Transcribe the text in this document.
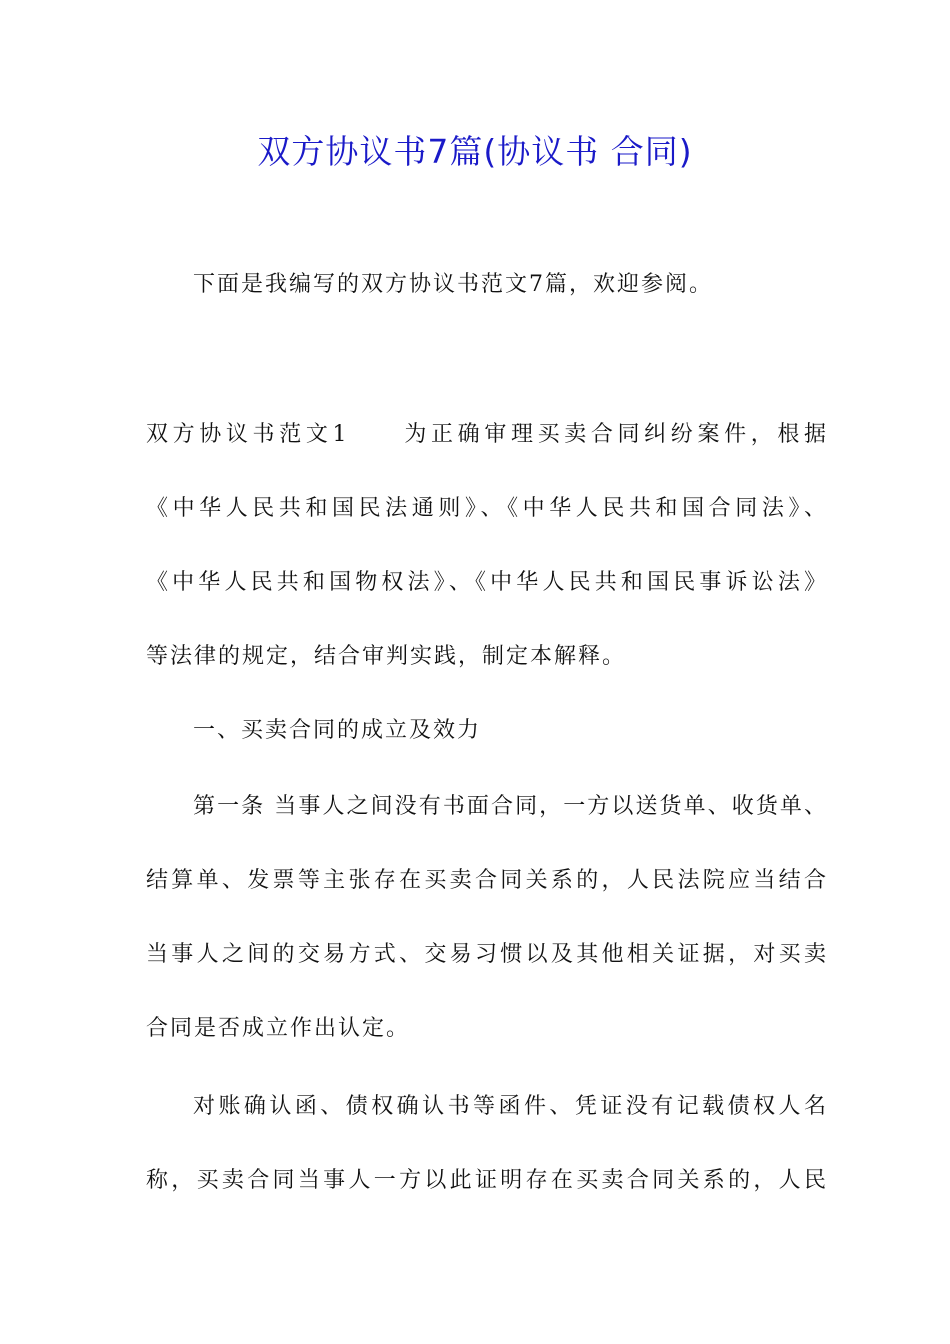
双方协议书7篇(协议书 合同)
下面是我编写的双方协议书范文7篇，欢迎参阅。
双方协议书范文1　　为正确审理买卖合同纠纷案件，根据
《中华人民共和国民法通则》、《中华人民共和国合同法》、
《中华人民共和国物权法》、《中华人民共和国民事诉讼法》
等法律的规定，结合审判实践，制定本解释。
一、买卖合同的成立及效力
第一条 当事人之间没有书面合同，一方以送货单、收货单、
结算单、发票等主张存在买卖合同关系的，人民法院应当结合
当事人之间的交易方式、交易习惯以及其他相关证据，对买卖
合同是否成立作出认定。
对账确认函、债权确认书等函件、凭证没有记载债权人名
称，买卖合同当事人一方以此证明存在买卖合同关系的，人民
